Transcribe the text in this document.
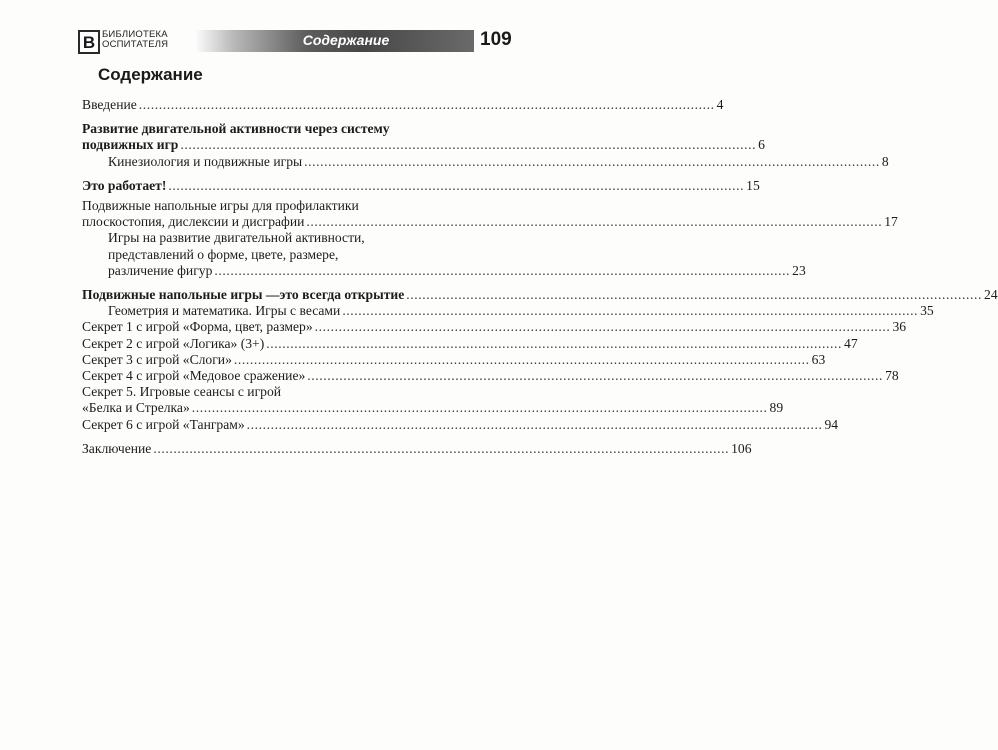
В БИБЛИОТЕКА
ОСПИТАТЕЛЯ	Содержание	109
Содержание
Введение ................................................................................................................................................ 4
Развитие двигательной активности через систему
подвижных игр ................................................................................................................................................ 6
Кинезиология и подвижные игры ................................................................................................................................................ 8
Это работает! ................................................................................................................................................ 15
Подвижные напольные игры для профилактики
плоскостопия, дислексии и дисграфии ................................................................................................................................................ 17
Игры на развитие двигательной активности,
представлений о форме, цвете, размере,
различение фигур ................................................................................................................................................ 23
Подвижные напольные игры —это всегда открытие ................................................................................................................................................ 24
Геометрия и математика. Игры с весами ................................................................................................................................................ 35
Секрет 1 с игрой «Форма, цвет, размер» ................................................................................................................................................ 36
Секрет 2 с игрой «Логика» (3+) ................................................................................................................................................ 47
Секрет 3 с игрой «Слоги» ................................................................................................................................................ 63
Секрет 4 с игрой «Медовое сражение» ................................................................................................................................................ 78
Секрет 5. Игровые сеансы с игрой
«Белка и Стрелка» ................................................................................................................................................ 89
Секрет 6 с игрой «Танграм» ................................................................................................................................................ 94
Заключение ................................................................................................................................................ 106
